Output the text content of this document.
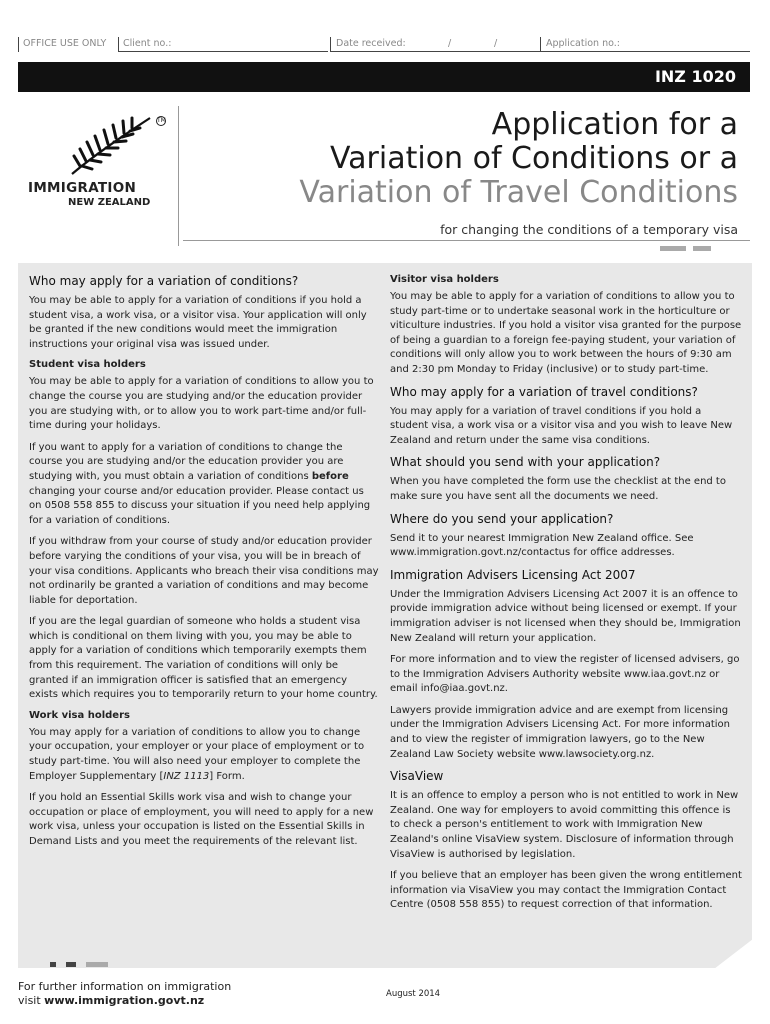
OFFICE USE ONLY Client no.:	Date received:	/	/	Application no.:
INZ 1020
TM
IMMIGRATION
NEW ZEALAND
Application for a
Variation of Conditions or a
Variation of Travel Conditions
for changing the conditions of a temporary visa
Who may apply for a variation of conditions?

You may be able to apply for a variation of conditions if you hold a student visa, a work visa, or a visitor visa. Your application will only be granted if the new conditions would meet the immigration instructions your original visa was issued under.

Student visa holders

You may be able to apply for a variation of conditions to allow you to change the course you are studying and/or the education provider you are studying with, or to allow you to work part-time and/or full-time during your holidays.

If you want to apply for a variation of conditions to change the course you are studying and/or the education provider you are studying with, you must obtain a variation of conditions before changing your course and/or education provider. Please contact us on 0508 558 855 to discuss your situation if you need help applying for a variation of conditions.

If you withdraw from your course of study and/or education provider before varying the conditions of your visa, you will be in breach of your visa conditions. Applicants who breach their visa conditions may not ordinarily be granted a variation of conditions and may become liable for deportation.

If you are the legal guardian of someone who holds a student visa which is conditional on them living with you, you may be able to apply for a variation of conditions which temporarily exempts them from this requirement. The variation of conditions will only be granted if an immigration officer is satisfied that an emergency exists which requires you to temporarily return to your home country.

Work visa holders

You may apply for a variation of conditions to allow you to change your occupation, your employer or your place of employment or to study part-time. You will also need your employer to complete the Employer Supplementary [INZ 1113] Form.

If you hold an Essential Skills work visa and wish to change your occupation or place of employment, you will need to apply for a new work visa, unless your occupation is listed on the Essential Skills in Demand Lists and you meet the requirements of the relevant list.

Visitor visa holders

You may be able to apply for a variation of conditions to allow you to study part-time or to undertake seasonal work in the horticulture or viticulture industries. If you hold a visitor visa granted for the purpose of being a guardian to a foreign fee-paying student, your variation of conditions will only allow you to work between the hours of 9:30 am and 2:30 pm Monday to Friday (inclusive) or to study part-time.

Who may apply for a variation of travel conditions?

You may apply for a variation of travel conditions if you hold a student visa, a work visa or a visitor visa and you wish to leave New Zealand and return under the same visa conditions.

What should you send with your application?

When you have completed the form use the checklist at the end to make sure you have sent all the documents we need.

Where do you send your application?

Send it to your nearest Immigration New Zealand office. See www.immigration.govt.nz/contactus for office addresses.

Immigration Advisers Licensing Act 2007

Under the Immigration Advisers Licensing Act 2007 it is an offence to provide immigration advice without being licensed or exempt. If your immigration adviser is not licensed when they should be, Immigration New Zealand will return your application.

For more information and to view the register of licensed advisers, go to the Immigration Advisers Authority website www.iaa.govt.nz or email info@iaa.govt.nz.

Lawyers provide immigration advice and are exempt from licensing under the Immigration Advisers Licensing Act. For more information and to view the register of immigration lawyers, go to the New Zealand Law Society website www.lawsociety.org.nz.

VisaView

It is an offence to employ a person who is not entitled to work in New Zealand. One way for employers to avoid committing this offence is to check a person's entitlement to work with Immigration New Zealand's online VisaView system. Disclosure of information through VisaView is authorised by legislation.

If you believe that an employer has been given the wrong entitlement information via VisaView you may contact the Immigration Contact Centre (0508 558 855) to request correction of that information.

For further information on immigration
visit www.immigration.govt.nz	August 2014
